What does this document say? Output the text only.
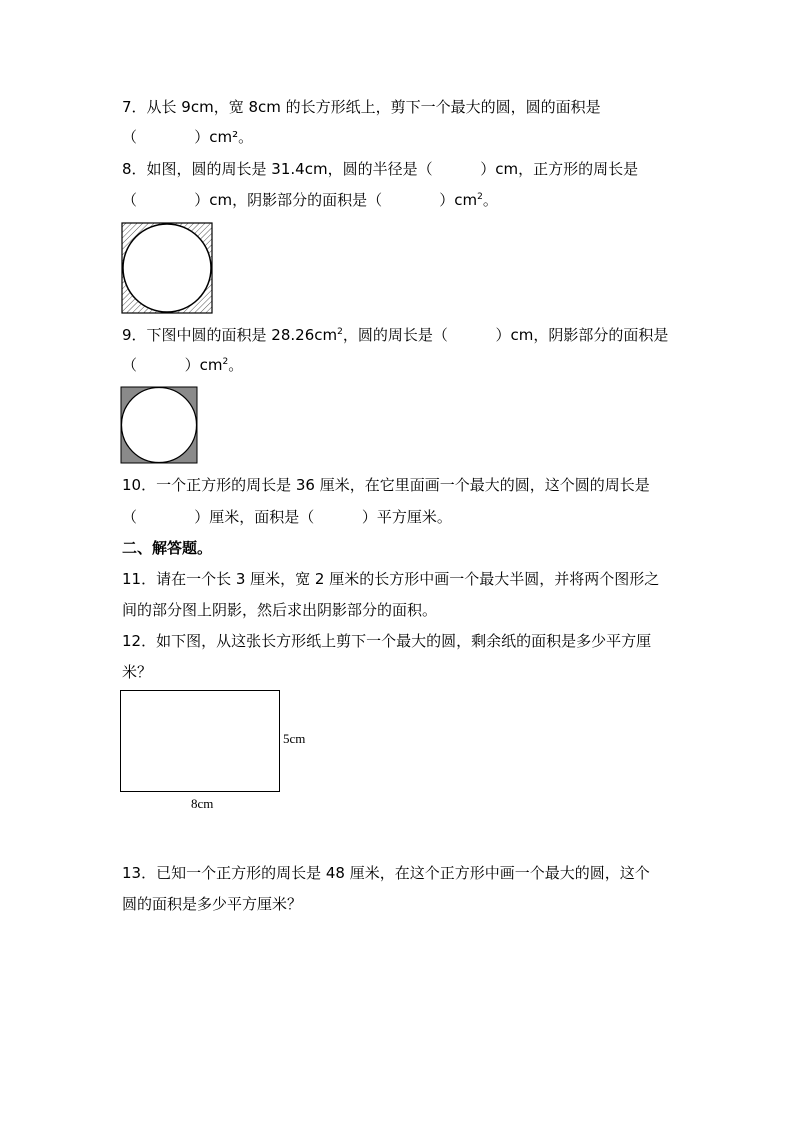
7．从长 9cm，宽 8cm 的长方形纸上，剪下一个最大的圆，圆的面积是
（            ）cm²。
8．如图，圆的周长是 31.4cm，圆的半径是（          ）cm，正方形的周长是
（            ）cm，阴影部分的面积是（            ）$cm^2$。
9．下图中圆的面积是 $28.26cm^2$，圆的周长是（          ）cm，阴影部分的面积是
（          ）$cm^2$。
10．一个正方形的周长是 36 厘米，在它里面画一个最大的圆，这个圆的周长是
（            ）厘米，面积是（          ）平方厘米。
二、解答题。
11．请在一个长 3 厘米，宽 2 厘米的长方形中画一个最大半圆，并将两个图形之
间的部分图上阴影，然后求出阴影部分的面积。
12．如下图，从这张长方形纸上剪下一个最大的圆，剩余纸的面积是多少平方厘
米？
5cm
8cm
13．已知一个正方形的周长是 48 厘米，在这个正方形中画一个最大的圆，这个
圆的面积是多少平方厘米？
